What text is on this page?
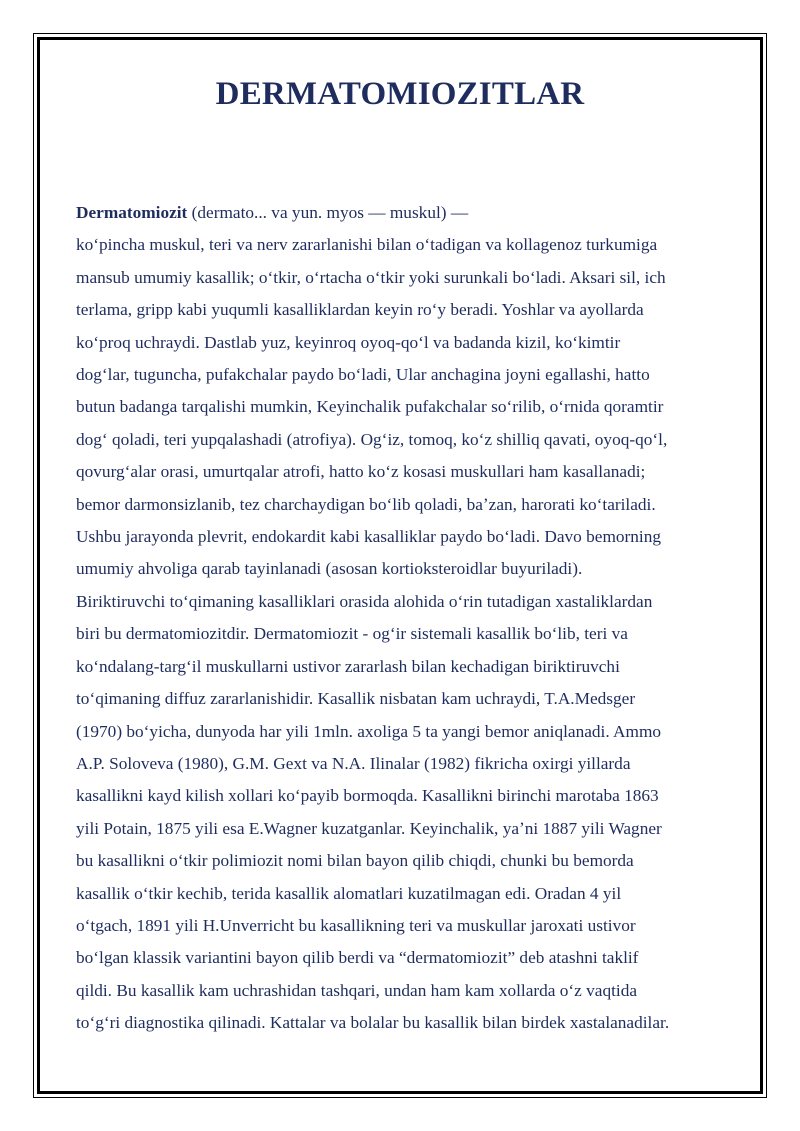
DERMATOMIOZITLAR
Dermatomiozit (dermato... va yun. myos — muskul) —
koʻpincha muskul, teri va nerv zararlanishi bilan oʻtadigan va kollagenoz turkumiga
mansub umumiy kasallik; oʻtkir, oʻrtacha oʻtkir yoki surunkali boʻladi. Aksari sil, ich
terlama, gripp kabi yuqumli kasalliklardan keyin roʻy beradi. Yoshlar va ayollarda
koʻproq uchraydi. Dastlab yuz, keyinroq oyoq-qoʻl va badanda kizil, koʻkimtir
dogʻlar, tuguncha, pufakchalar paydo boʻladi, Ular anchagina joyni egallashi, hatto
butun badanga tarqalishi mumkin, Keyinchalik pufakchalar soʻrilib, oʻrnida qoramtir
dogʻ qoladi, teri yupqalashadi (atrofiya). Ogʻiz, tomoq, koʻz shilliq qavati, oyoq-qoʻl,
qovurgʻalar orasi, umurtqalar atrofi, hatto koʻz kosasi muskullari ham kasallanadi;
bemor darmonsizlanib, tez charchaydigan boʻlib qoladi, baʼzan, harorati koʻtariladi.
Ushbu jarayonda plevrit, endokardit kabi kasalliklar paydo boʻladi. Davo bemorning
umumiy ahvoliga qarab tayinlanadi (asosan kortioksteroidlar buyuriladi).
Biriktiruvchi toʻqimaning kasalliklari orasida alohida oʻrin tutadigan xastaliklardan
biri bu dermatomiozitdir. Dermatomiozit - ogʻir sistemali kasallik boʻlib, teri va
koʻndalang-targʻil muskullarni ustivor zararlash bilan kechadigan biriktiruvchi
toʻqimaning diffuz zararlanishidir. Kasallik nisbatan kam uchraydi, T.A.Medsger
(1970) boʻyicha, dunyoda har yili 1mln. axoliga 5 ta yangi bemor aniqlanadi. Ammo
A.P. Soloveva (1980), G.M. Gext va N.A. Ilinalar (1982) fikricha oxirgi yillarda
kasallikni kayd kilish xollari koʻpayib bormoqda. Kasallikni birinchi marotaba 1863
yili Potain, 1875 yili esa E.Wagner kuzatganlar. Keyinchalik, yaʼni 1887 yili Wagner
bu kasallikni oʻtkir polimiozit nomi bilan bayon qilib chiqdi, chunki bu bemorda
kasallik oʻtkir kechib, terida kasallik alomatlari kuzatilmagan edi. Oradan 4 yil
oʻtgach, 1891 yili H.Unverricht bu kasallikning teri va muskullar jaroxati ustivor
boʻlgan klassik variantini bayon qilib berdi va “dermatomiozit” deb atashni taklif
qildi. Bu kasallik kam uchrashidan tashqari, undan ham kam xollarda oʻz vaqtida
toʻgʻri diagnostika qilinadi. Kattalar va bolalar bu kasallik bilan birdek xastalanadilar.
